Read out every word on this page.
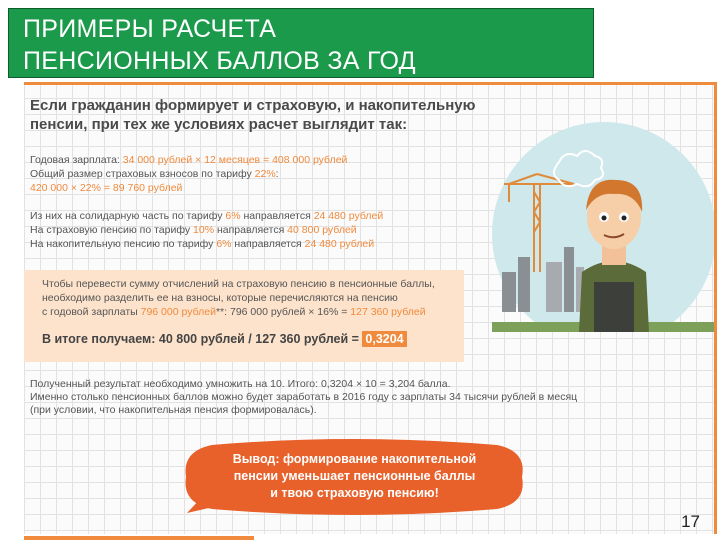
ПРИМЕРЫ РАСЧЕТА
ПЕНСИОННЫХ БАЛЛОВ ЗА ГОД
Если гражданин формирует и страховую, и накопительную пенсии, при тех же условиях расчет выглядит так:
Годовая зарплата: 34 000 рублей × 12 месяцев = 408 000 рублей
Общий размер страховых взносов по тарифу 22%:
420 000 × 22% = 89 760 рублей
Из них на солидарную часть по тарифу 6% направляется 24 480 рублей
На страховую пенсию по тарифу 10% направляется 40 800 рублей
На накопительную пенсию по тарифу 6% направляется 24 480 рублей
Чтобы перевести сумму отчислений на страховую пенсию в пенсионные баллы,
необходимо разделить ее на взносы, которые перечисляются на пенсию
с годовой зарплаты 796 000 рублей**: 796 000 рублей × 16% = 127 360 рублей
В итоге получаем: 40 800 рублей / 127 360 рублей = 0,3204
Полученный результат необходимо умножить на 10. Итого: 0,3204 × 10 = 3,204 балла.
Именно столько пенсионных баллов можно будет заработать в 2016 году с зарплаты 34 тысячи рублей в месяц
(при условии, что накопительная пенсия формировалась).
Вывод: формирование накопительной
пенсии уменьшает пенсионные баллы
и твою страховую пенсию!
17
